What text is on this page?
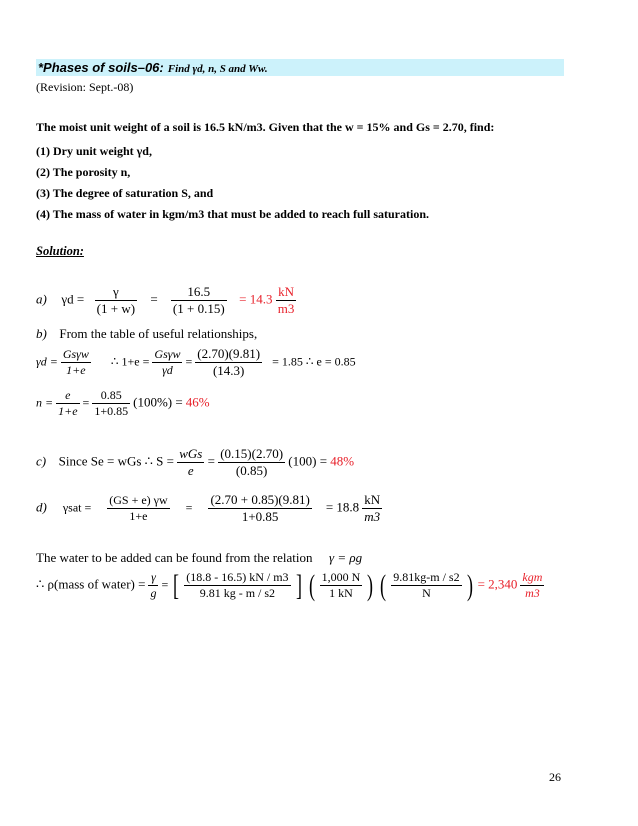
*Phases of soils–06: Find γd, n, S and Ww.
(Revision: Sept.-08)
The moist unit weight of a soil is 16.5 kN/m3. Given that the w = 15% and Gs = 2.70, find:
(1) Dry unit weight γd,
(2) The porosity n,
(3) The degree of saturation S, and
(4) The mass of water in kgm/m3 that must be added to reach full saturation.
Solution:
a) $\gamma d = \frac{\gamma}{(1 + w)} = \frac{16.5}{(1 + 0.15)} = 14.3 \frac{kN}{m3}$
b) From the table of useful relationships,
$\gamma d = \frac{\text{Gsγw}}{1+e}$ ∴ $1+e = \frac{\text{Gsγw}}{\gamma d} = \frac{(2.70)(9.81)}{(14.3)} = 1.85$ ∴ e = 0.85
$n = \frac{e}{1+e} = \frac{0.85}{1+0.85} (100\%) = 46\%$
c) Since Se = wGs ∴ $S = \frac{\text{wGs}}{e} = \frac{(0.15)(2.70)}{(0.85)} (100) = 48\%$
d) $\gamma sat = \frac{(GS + e) \gamma w}{1+e} = \frac{(2.70 + 0.85)(9.81)}{1+0.85} = 18.8 \frac{kN}{m3}$
The water to be added can be found from the relation γ = ρg
∴ ρ(mass of water) = $\frac{\gamma}{g}$ = [ $\frac{(18.8 - 16.5) kN / m3}{9.81 kg - m / s2}$ ] ( $\frac{1,000 N}{1 kN}$ ) ( $\frac{9.81kg-m / s2}{N}$ ) = $2,340 \frac{\text{kgm}}{m3}$
26
